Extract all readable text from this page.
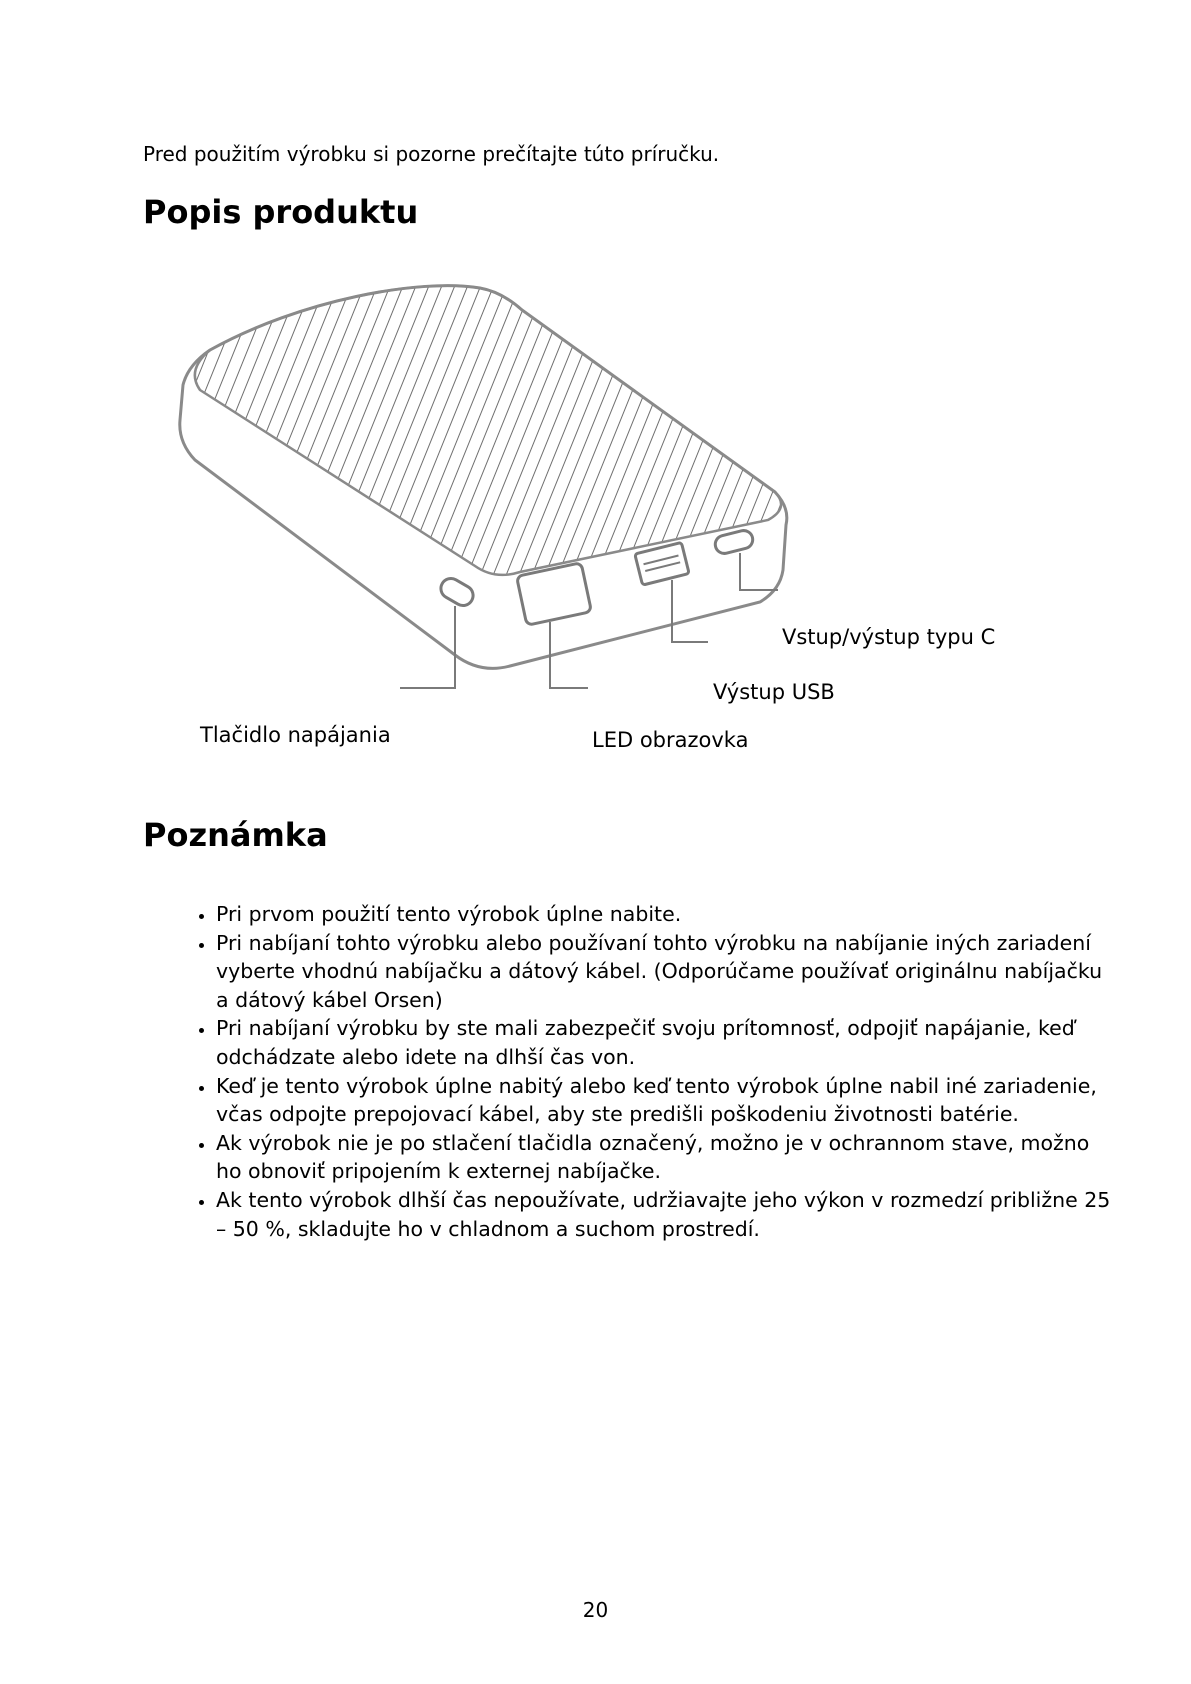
Pred použitím výrobku si pozorne prečítajte túto príručku.

Popis produktu
Vstup/výstup typu C
Výstup USB
Tlačidlo napájania	LED obrazovka
Poznámka
• Pri prvom použití tento výrobok úplne nabite.
• Pri nabíjaní tohto výrobku alebo používaní tohto výrobku na nabíjanie iných zariadení vyberte vhodnú nabíjačku a dátový kábel. (Odporúčame používať originálnu nabíjačku a dátový kábel Orsen)
• Pri nabíjaní výrobku by ste mali zabezpečiť svoju prítomnosť, odpojiť napájanie, keď odchádzate alebo idete na dlhší čas von.
• Keď je tento výrobok úplne nabitý alebo keď tento výrobok úplne nabil iné zariadenie, včas odpojte prepojovací kábel, aby ste predišli poškodeniu životnosti batérie.
• Ak výrobok nie je po stlačení tlačidla označený, možno je v ochrannom stave, možno ho obnoviť pripojením k externej nabíjačke.
• Ak tento výrobok dlhší čas nepoužívate, udržiavajte jeho výkon v rozmedzí približne 25 – 50 %, skladujte ho v chladnom a suchom prostredí.
20
